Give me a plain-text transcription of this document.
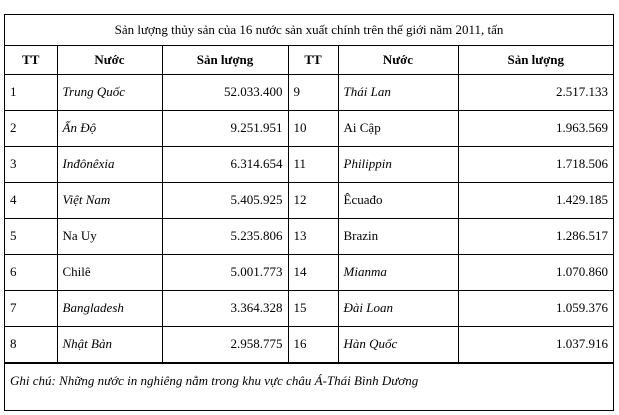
Sản lượng thủy sản của 16 nước sản xuất chính trên thế giới năm 2011, tấn
TT	Nước	Sản lượng	TT	Nước	Sản lượng
1	Trung Quốc	52.033.400	9	Thái Lan	2.517.133
2	Ấn Độ	9.251.951	10	Ai Cập	1.963.569
3	Inđônêxia	6.314.654	11	Philippin	1.718.506
4	Việt Nam	5.405.925	12	Êcuađo	1.429.185
5	Na Uy	5.235.806	13	Brazin	1.286.517
6	Chilê	5.001.773	14	Mianma	1.070.860
7	Bangladesh	3.364.328	15	Đài Loan	1.059.376
8	Nhật Bản	2.958.775	16	Hàn Quốc	1.037.916
Ghi chú: Những nước in nghiêng nằm trong khu vực châu Á-Thái Bình Dương
